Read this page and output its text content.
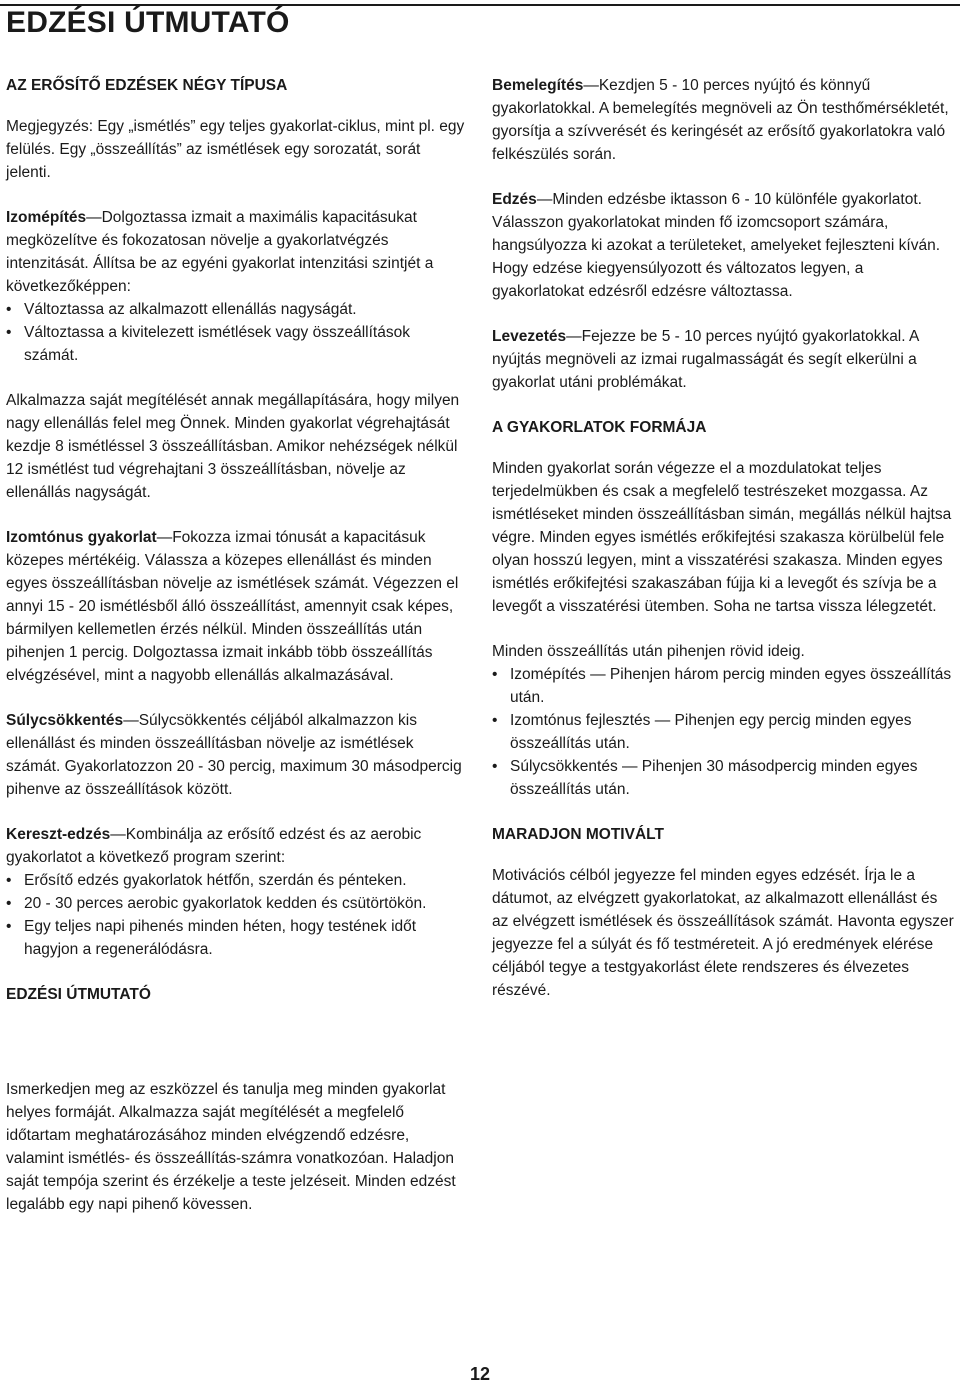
EDZÉSI ÚTMUTATÓ
AZ ERŐSÍTŐ EDZÉSEK NÉGY TÍPUSA

Megjegyzés: Egy „ismétlés” egy teljes gyakorlat-ciklus, mint pl. egy felülés. Egy „összeállítás” az ismétlések egy sorozatát, sorát jelenti.

Izomépítés—Dolgoztassa izmait a maximális kapacitásukat megközelítve és fokozatosan növelje a gyakorlatvégzés intenzitását. Állítsa be az egyéni gyakorlat intenzitási szintjét a következőképpen:

• Változtassa az alkalmazott ellenállás nagyságát.
• Változtassa a kivitelezett ismétlések vagy összeállítások számát.

Alkalmazza saját megítélését annak megállapítására, hogy milyen nagy ellenállás felel meg Önnek. Minden gyakorlat végrehajtását kezdje 8 ismétléssel 3 összeállításban. Amikor nehézségek nélkül 12 ismétlést tud végrehajtani 3 összeállításban, növelje az ellenállás nagyságát.

Izomtónus gyakorlat—Fokozza izmai tónusát a kapacitásuk közepes mértékéig. Válassza a közepes ellenállást és minden egyes összeállításban növelje az ismétlések számát. Végezzen el annyi 15 - 20 ismétlésből álló összeállítást, amennyit csak képes, bármilyen kellemetlen érzés nélkül. Minden összeállítás után pihenjen 1 percig. Dolgoztassa izmait inkább több összeállítás elvégzésével, mint a nagyobb ellenállás alkalmazásával.

Súlycsökkentés—Súlycsökkentés céljából alkalmazzon kis ellenállást és minden összeállításban növelje az ismétlések számát. Gyakorlatozzon 20 - 30 percig, maximum 30 másodpercig pihenve az összeállítások között.

Kereszt-edzés—Kombinálja az erősítő edzést és az aerobic gyakorlatot a következő program szerint:

• Erősítő edzés gyakorlatok hétfőn, szerdán és pénteken.
• 20 - 30 perces aerobic gyakorlatok kedden és csütörtökön.
• Egy teljes napi pihenés minden héten, hogy testének időt hagyjon a regenerálódásra.
EDZÉSI ÚTMUTATÓ

Ismerkedjen meg az eszközzel és tanulja meg minden gyakorlat helyes formáját. Alkalmazza saját megítélését a megfelelő időtartam meghatározásához minden elvégzendő edzésre, valamint ismétlés- és összeállítás-számra vonatkozóan. Haladjon saját tempója szerint és érzékelje a teste jelzéseit. Minden edzést legalább egy napi pihenő kövessen.

Bemelegítés—Kezdjen 5 - 10 perces nyújtó és könnyű gyakorlatokkal. A bemelegítés megnöveli az Ön testhőmérsékletét, gyorsítja a szívverését és keringését az erősítő gyakorlatokra való felkészülés során.

Edzés—Minden edzésbe iktasson 6 - 10 különféle gyakorlatot. Válasszon gyakorlatokat minden fő izomcsoport számára, hangsúlyozza ki azokat a területeket, amelyeket fejleszteni kíván. Hogy edzése kiegyensúlyozott és változatos legyen, a gyakorlatokat edzésről edzésre változtassa.

Levezetés—Fejezze be 5 - 10 perces nyújtó gyakorlatokkal. A nyújtás megnöveli az izmai rugalmasságát és segít elkerülni a gyakorlat utáni problémákat.

A GYAKORLATOK FORMÁJA

Minden gyakorlat során végezze el a mozdulatokat teljes terjedelmükben és csak a megfelelő testrészeket mozgassa. Az ismétléseket minden összeállításban simán, megállás nélkül hajtsa végre. Minden egyes ismétlés erőkifejtési szakasza körülbelül fele olyan hosszú legyen, mint a visszatérési szakasza. Minden egyes ismétlés erőkifejtési szakaszában fújja ki a levegőt és szívja be a levegőt a visszatérési ütemben. Soha ne tartsa vissza lélegzetét.

Minden összeállítás után pihenjen rövid ideig.

• Izomépítés — Pihenjen három percig minden egyes összeállítás után.
• Izomtónus fejlesztés — Pihenjen egy percig minden egyes összeállítás után.
• Súlycsökkentés — Pihenjen 30 másodpercig minden egyes összeállítás után.
MARADJON MOTIVÁLT

Motivációs célból jegyezze fel minden egyes edzését. Írja le a dátumot, az elvégzett gyakorlatokat, az alkalmazott ellenállást és az elvégzett ismétlések és összeállítások számát. Havonta egyszer jegyezze fel a súlyát és fő testméreteit. A jó eredmények elérése céljából tegye a testgyakorlást élete rendszeres és élvezetes részévé.

12
